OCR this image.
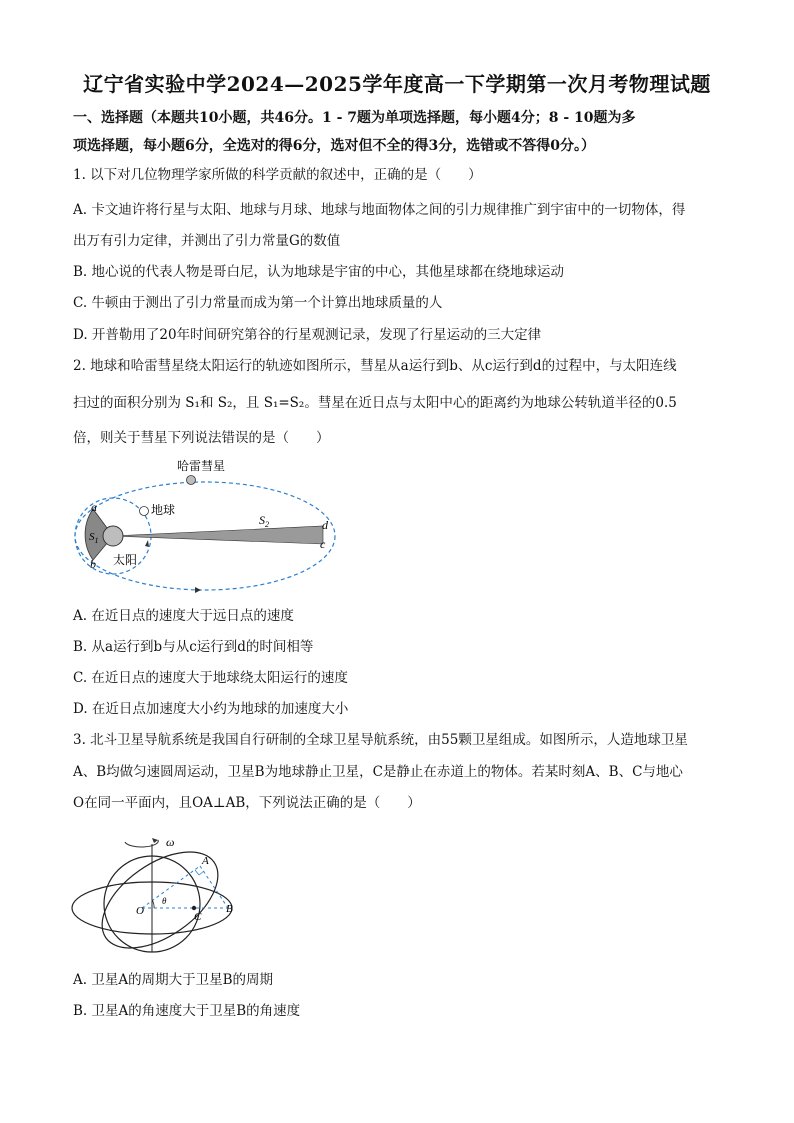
辽宁省实验中学2024—2025学年度高一下学期第一次月考物理试题
一、选择题（本题共10小题，共46分。1 - 7题为单项选择题，每小题4分；8 - 10题为多
项选择题，每小题6分，全选对的得6分，选对但不全的得3分，选错或不答得0分。）
1. 以下对几位物理学家所做的科学贡献的叙述中，正确的是（　　）
A. 卡文迪许将行星与太阳、地球与月球、地球与地面物体之间的引力规律推广到宇宙中的一切物体，得
出万有引力定律，并测出了引力常量G的数值
B. 地心说的代表人物是哥白尼，认为地球是宇宙的中心，其他星球都在绕地球运动
C. 牛顿由于测出了引力常量而成为第一个计算出地球质量的人
D. 开普勒用了20年时间研究第谷的行星观测记录，发现了行星运动的三大定律
2. 地球和哈雷彗星绕太阳运行的轨迹如图所示，彗星从a运行到b、从c运行到d的过程中，与太阳连线
扫过的面积分别为 S₁和 S₂，且 S₁=S₂。彗星在近日点与太阳中心的距离约为地球公转轨道半径的0.5
倍，则关于彗星下列说法错误的是（　　）
哈雷彗星
地球
太阳
a
b
c
d
$S_1$
$S_2$
A. 在近日点的速度大于远日点的速度
B. 从a运行到b与从c运行到d的时间相等
C. 在近日点的速度大于地球绕太阳运行的速度
D. 在近日点加速度大小约为地球的加速度大小
3. 北斗卫星导航系统是我国自行研制的全球卫星导航系统，由55颗卫星组成。如图所示，人造地球卫星
A、B均做匀速圆周运动，卫星B为地球静止卫星，C是静止在赤道上的物体。若某时刻A、B、C与地心
O在同一平面内，且OA⊥AB，下列说法正确的是（　　）
ω
A
B
C
O
θ
A. 卫星A的周期大于卫星B的周期
B. 卫星A的角速度大于卫星B的角速度
